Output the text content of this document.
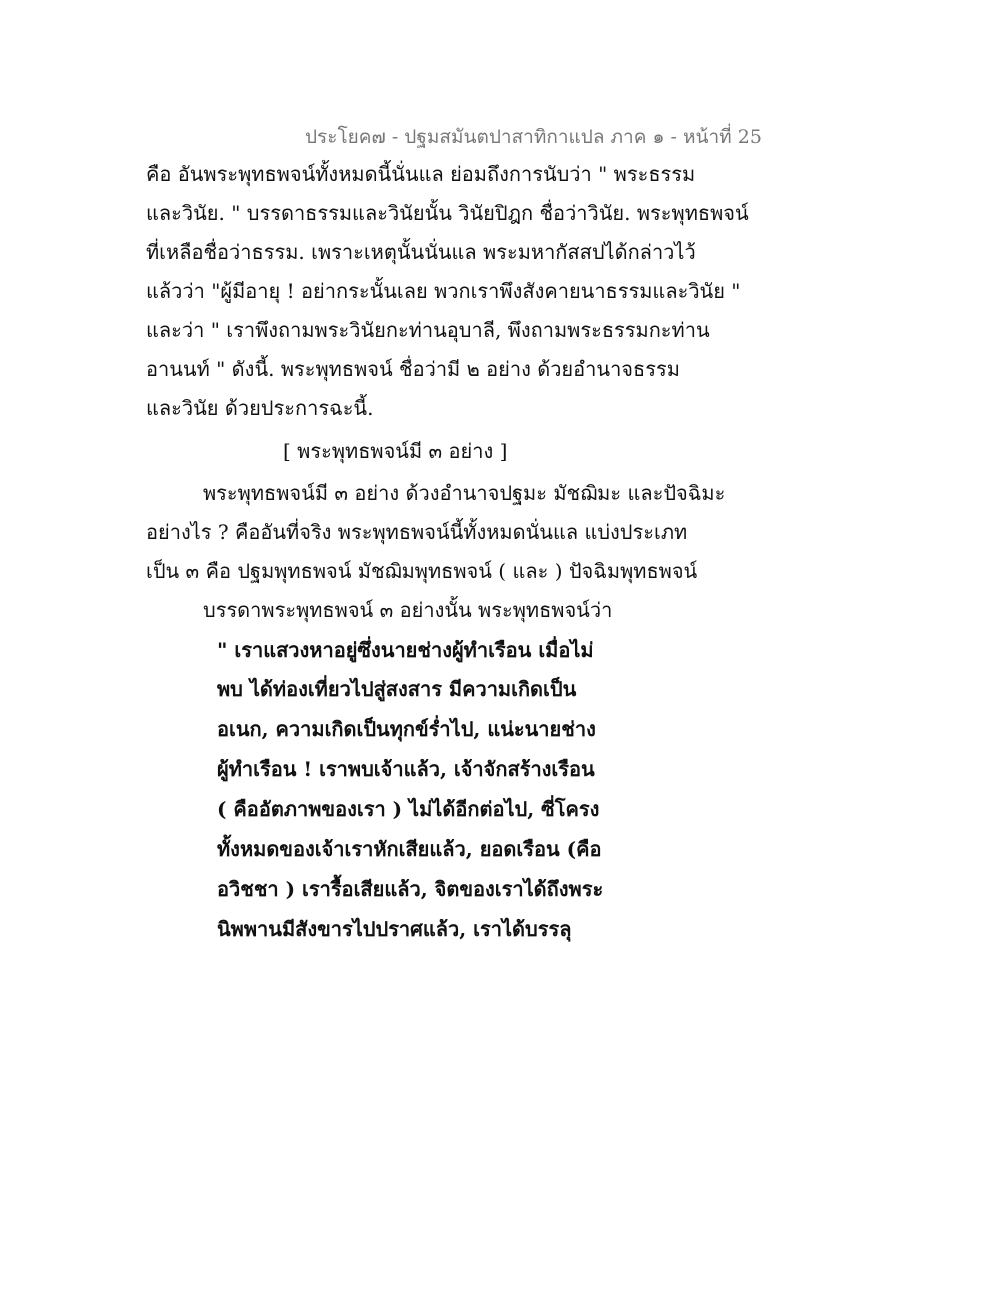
ประโยค๗ - ปฐมสมันตปาสาทิกาแปล ภาค ๑ - หน้าที่ 25
คือ อันพระพุทธพจน์ทั้งหมดนี้นั่นแล ย่อมถึงการนับว่า " พระธรรม
และวินัย. " บรรดาธรรมและวินัยนั้น วินัยปิฎก ชื่อว่าวินัย. พระพุทธพจน์
ที่เหลือชื่อว่าธรรม. เพราะเหตุนั้นนั่นแล พระมหากัสสปได้กล่าวไว้
แล้วว่า "ผู้มีอายุ ! อย่ากระนั้นเลย พวกเราพึงสังคายนาธรรมและวินัย "
และว่า " เราพึงถามพระวินัยกะท่านอุบาลี, พึงถามพระธรรมกะท่าน
อานนท์ " ดังนี้. พระพุทธพจน์ ชื่อว่ามี ๒ อย่าง ด้วยอำนาจธรรม
และวินัย ด้วยประการฉะนี้.
[ พระพุทธพจน์มี ๓ อย่าง ]
พระพุทธพจน์มี ๓ อย่าง ด้วงอำนาจปฐมะ มัชฌิมะ และปัจฉิมะ
อย่างไร ? คืออันที่จริง พระพุทธพจน์นี้ทั้งหมดนั่นแล แบ่งประเภท
เป็น ๓ คือ ปฐมพุทธพจน์ มัชฌิมพุทธพจน์ ( และ ) ปัจฉิมพุทธพจน์
บรรดาพระพุทธพจน์ ๓ อย่างนั้น พระพุทธพจน์ว่า
" เราแสวงหาอยู่ซึ่งนายช่างผู้ทำเรือน เมื่อไม่
พบ ได้ท่องเที่ยวไปสู่สงสาร มีความเกิดเป็น
อเนก, ความเกิดเป็นทุกข์ร่ำไป, แน่ะนายช่าง
ผู้ทำเรือน ! เราพบเจ้าแล้ว, เจ้าจักสร้างเรือน
( คืออัตภาพของเรา ) ไม่ได้อีกต่อไป, ซี่โครง
ทั้งหมดของเจ้าเราหักเสียแล้ว, ยอดเรือน (คือ
อวิชชา ) เรารื้อเสียแล้ว, จิตของเราได้ถึงพระ
นิพพานมีสังขารไปปราศแล้ว, เราได้บรรลุ
